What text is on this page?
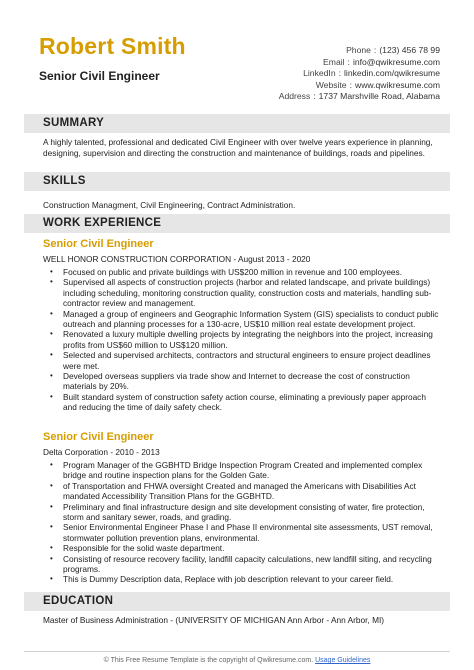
Robert Smith
Senior Civil Engineer
Phone : (123) 456 78 99
Email : info@qwikresume.com
LinkedIn : linkedin.com/qwikresume
Website : www.qwikresume.com
Address : 1737 Marshville Road, Alabama
SUMMARY
A highly talented, professional and dedicated Civil Engineer with over twelve years experience in planning, designing, supervision and directing the construction and maintenance of buildings, roads and pipelines.
SKILLS
Construction Managment, Civil Engineering, Contract Administration.
WORK EXPERIENCE
Senior Civil Engineer
WELL HONOR CONSTRUCTION CORPORATION - August 2013 - 2020
• Focused on public and private buildings with US$200 million in revenue and 100 employees.
• Supervised all aspects of construction projects (harbor and related landscape, and private buildings) including scheduling, monitoring construction quality, construction costs and materials, handling sub-contractor review and management.
• Managed a group of engineers and Geographic Information System (GIS) specialists to conduct public outreach and planning processes for a 130-acre, US$10 million real estate development project.
• Renovated a luxury multiple dwelling projects by integrating the neighbors into the project, increasing profits from US$60 million to US$120 million.
• Selected and supervised architects, contractors and structural engineers to ensure project deadlines were met.
• Developed overseas suppliers via trade show and Internet to decrease the cost of construction materials by 20%.
• Built standard system of construction safety action course, eliminating a previously paper approach and reducing the time of daily safety check.
Senior Civil Engineer
Delta Corporation - 2010 - 2013
• Program Manager of the GGBHTD Bridge Inspection Program Created and implemented complex bridge and routine inspection plans for the Golden Gate.
• of Transportation and FHWA oversight Created and managed the Americans with Disabilities Act mandated Accessibility Transition Plans for the GGBHTD.
• Preliminary and final infrastructure design and site development consisting of water, fire protection, storm and sanitary sewer, roads, and grading.
• Senior Environmental Engineer Phase I and Phase II environmental site assessments, UST removal, stormwater pollution prevention plans, environmental.
• Responsible for the solid waste department.
• Consisting of resource recovery facility, landfill capacity calculations, new landfill siting, and recycling programs.
• This is Dummy Description data, Replace with job description relevant to your career field.
EDUCATION
Master of Business Administration - (UNIVERSITY OF MICHIGAN Ann Arbor - Ann Arbor, MI)
© This Free Resume Template is the copyright of Qwikresume.com. Usage Guidelines
